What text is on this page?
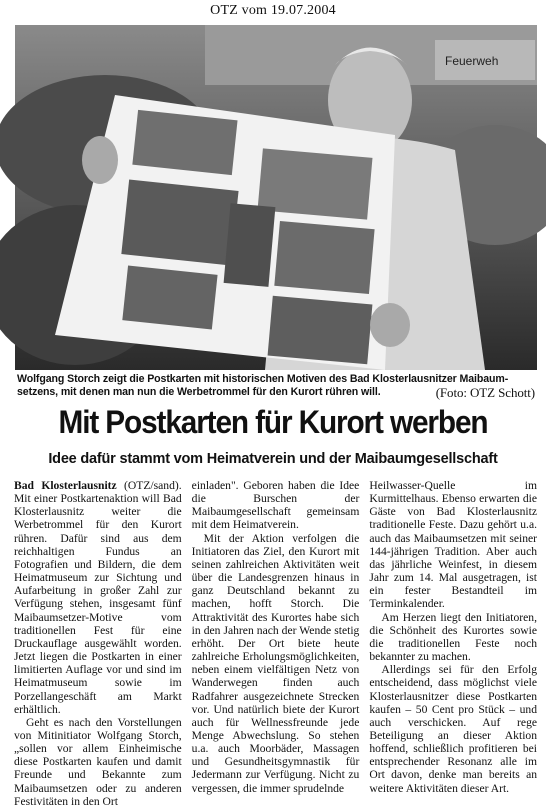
OTZ vom 19.07.2004
Feuerweh
Wolfgang Storch zeigt die Postkarten mit historischen Motiven des Bad Klosterlausnitzer Maibaum-setzens, mit denen man nun die Werbetrommel für den Kurort rühren will.	(Foto: OTZ Schott)
Mit Postkarten für Kurort werben
Idee dafür stammt vom Heimatverein und der Maibaumgesellschaft

Bad Klosterlausnitz (OTZ/sand). Mit einer Postkartenaktion will Bad Klosterlausnitz weiter die Werbetrommel für den Kurort rühren. Dafür sind aus dem reichhaltigen Fundus an Fotografien und Bildern, die dem Heimatmuseum zur Sichtung und Aufarbeitung in großer Zahl zur Verfügung stehen, insgesamt fünf Maibaumsetzer-Motive vom traditionellen Fest für eine Druckauflage ausgewählt worden. Jetzt liegen die Postkarten in einer limitierten Auflage vor und sind im Heimatmuseum sowie im Porzellangeschäft am Markt erhältlich.

Geht es nach den Vorstellungen von Mitinitiator Wolfgang Storch, „sollen vor allem Einheimische diese Postkarten kaufen und damit Freunde und Bekannte zum Maibaumsetzen oder zu anderen Festivitäten in den Ort

einladen". Geboren haben die Idee die Burschen der Maibaumgesellschaft gemeinsam mit dem Heimatverein.

Mit der Aktion verfolgen die Initiatoren das Ziel, den Kurort mit seinen zahlreichen Aktivitäten weit über die Landesgrenzen hinaus in ganz Deutschland bekannt zu machen, hofft Storch. Die Attraktivität des Kurortes habe sich in den Jahren nach der Wende stetig erhöht. Der Ort biete heute zahlreiche Erholungsmöglichkeiten, neben einem vielfältigen Netz von Wanderwegen finden auch Radfahrer ausgezeichnete Strecken vor. Und natürlich biete der Kurort auch für Wellnessfreunde jede Menge Abwechslung. So stehen u.a. auch Moorbäder, Massagen und Gesundheitsgymnastik für Jedermann zur Verfügung. Nicht zu vergessen, die immer sprudelnde

Heilwasser-Quelle im Kurmittelhaus. Ebenso erwarten die Gäste von Bad Klosterlausnitz traditionelle Feste. Dazu gehört u.a. auch das Maibaumsetzen mit seiner 144-jährigen Tradition. Aber auch das jährliche Weinfest, in diesem Jahr zum 14. Mal ausgetragen, ist ein fester Bestandteil im Terminkalender.

Am Herzen liegt den Initiatoren, die Schönheit des Kurortes sowie die traditionellen Feste noch bekannter zu machen.

Allerdings sei für den Erfolg entscheidend, dass möglichst viele Klosterlausnitzer diese Postkarten kaufen – 50 Cent pro Stück – und auch verschicken. Auf rege Beteiligung an dieser Aktion hoffend, schließlich profitieren bei entsprechender Resonanz alle im Ort davon, denke man bereits an weitere Aktivitäten dieser Art.
